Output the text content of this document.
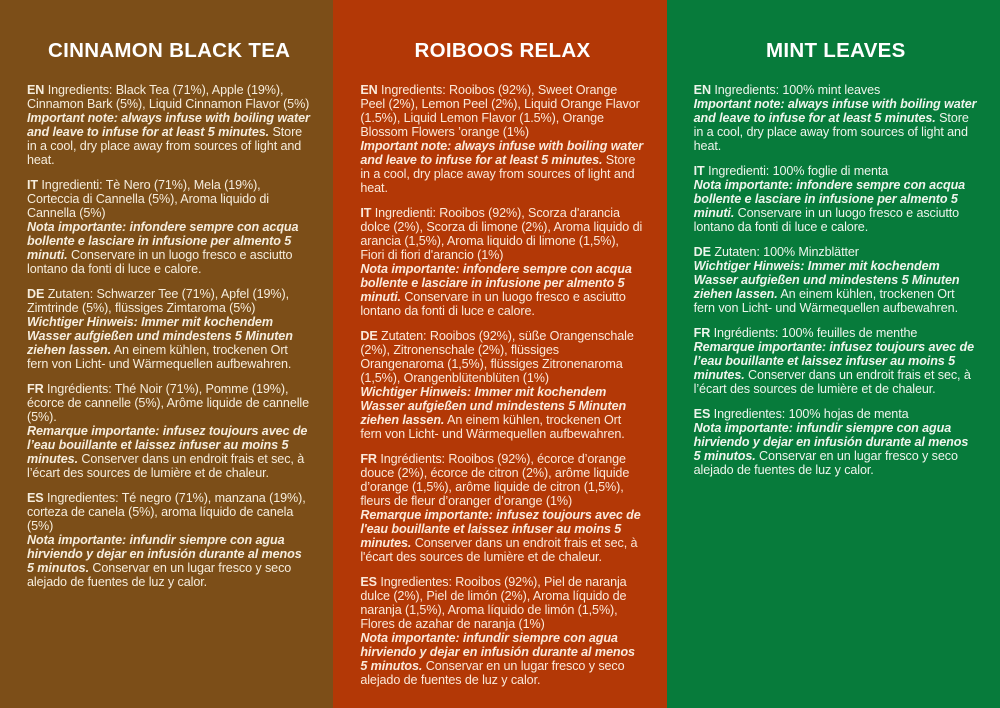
CINNAMON BLACK TEA

EN Ingredients: Black Tea (71%), Apple (19%), Cinnamon Bark (5%), Liquid Cinnamon Flavor (5%)

Important note: always infuse with boiling water and leave to infuse for at least 5 minutes. Store in a cool, dry place away from sources of light and heat.

IT Ingredienti: Tè Nero (71%), Mela (19%), Corteccia di Cannella (5%), Aroma liquido di Cannella (5%)

Nota importante: infondere sempre con acqua bollente e lasciare in infusione per almento 5 minuti. Conservare in un luogo fresco e asciutto lontano da fonti di luce e calore.

DE Zutaten: Schwarzer Tee (71%), Apfel (19%), Zimtrinde (5%), flüssiges Zimtaroma (5%)

Wichtiger Hinweis: Immer mit kochendem Wasser aufgießen und mindestens 5 Minuten ziehen lassen. An einem kühlen, trockenen Ort fern von Licht- und Wärmequellen aufbewahren.

FR Ingrédients: Thé Noir (71%), Pomme (19%), écorce de cannelle (5%), Arôme liquide de cannelle (5%).

Remarque importante: infusez toujours avec de l’eau bouillante et laissez infuser au moins 5 minutes. Conserver dans un endroit frais et sec, à l’écart des sources de lumière et de chaleur.

ES Ingredientes: Té negro (71%), manzana (19%), corteza de canela (5%), aroma líquido de canela (5%)

Nota importante: infundir siempre con agua hirviendo y dejar en infusión durante al menos 5 minutos. Conservar en un lugar fresco y seco alejado de fuentes de luz y calor.

ROIBOOS RELAX

EN Ingredients: Rooibos (92%), Sweet Orange Peel (2%), Lemon Peel (2%), Liquid Orange Flavor (1.5%), Liquid Lemon Flavor (1.5%), Orange Blossom Flowers ’orange (1%)

Important note: always infuse with boiling water and leave to infuse for at least 5 minutes. Store in a cool, dry place away from sources of light and heat.

IT Ingredienti: Rooibos (92%), Scorza d'arancia dolce (2%), Scorza di limone (2%), Aroma liquido di arancia (1,5%), Aroma liquido di limone (1,5%), Fiori di fiori d'arancio (1%)

Nota importante: infondere sempre con acqua bollente e lasciare in infusione per almento 5 minuti. Conservare in un luogo fresco e asciutto lontano da fonti di luce e calore.

DE Zutaten: Rooibos (92%), süße Orangenschale (2%), Zitronenschale (2%), flüssiges Orangenaroma (1,5%), flüssiges Zitronenaroma (1,5%), Orangenblütenblüten (1%)

Wichtiger Hinweis: Immer mit kochendem Wasser aufgießen und mindestens 5 Minuten ziehen lassen. An einem kühlen, trockenen Ort fern von Licht- und Wärmequellen aufbewahren.

FR Ingrédients: Rooibos (92%), écorce d’orange douce (2%), écorce de citron (2%), arôme liquide d’orange (1,5%), arôme liquide de citron (1,5%), fleurs de fleur d’oranger d’orange (1%)

Remarque importante: infusez toujours avec de l'eau bouillante et laissez infuser au moins 5 minutes. Conserver dans un endroit frais et sec, à l'écart des sources de lumière et de chaleur.

ES Ingredientes: Rooibos (92%), Piel de naranja dulce (2%), Piel de limón (2%), Aroma líquido de naranja (1,5%), Aroma líquido de limón (1,5%), Flores de azahar de naranja (1%)

Nota importante: infundir siempre con agua hirviendo y dejar en infusión durante al menos 5 minutos. Conservar en un lugar fresco y seco alejado de fuentes de luz y calor.

MINT LEAVES

EN Ingredients: 100% mint leaves

Important note: always infuse with boiling water and leave to infuse for at least 5 minutes. Store in a cool, dry place away from sources of light and heat.

IT Ingredienti: 100% foglie di menta

Nota importante: infondere sempre con acqua bollente e lasciare in infusione per almento 5 minuti. Conservare in un luogo fresco e asciutto lontano da fonti di luce e calore.

DE Zutaten: 100% Minzblätter

Wichtiger Hinweis: Immer mit kochendem Wasser aufgießen und mindestens 5 Minuten ziehen lassen. An einem kühlen, trockenen Ort fern von Licht- und Wärmequellen aufbewahren.

FR Ingrédients: 100% feuilles de menthe

Remarque importante: infusez toujours avec de l’eau bouillante et laissez infuser au moins 5 minutes. Conserver dans un endroit frais et sec, à l’écart des sources de lumière et de chaleur.

ES Ingredientes: 100% hojas de menta

Nota importante: infundir siempre con agua hirviendo y dejar en infusión durante al menos 5 minutos. Conservar en un lugar fresco y seco alejado de fuentes de luz y calor.
